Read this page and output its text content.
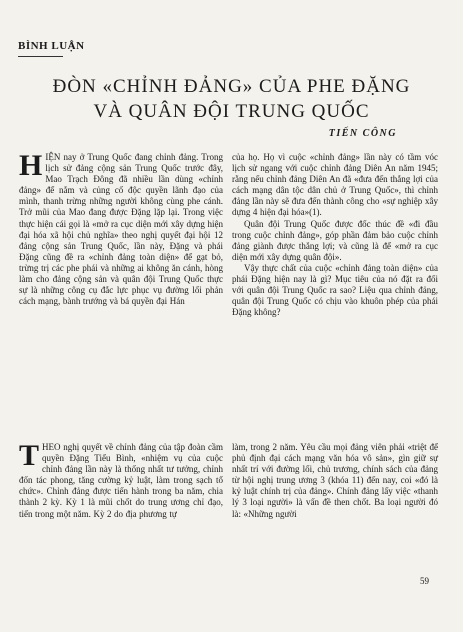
BÌNH LUẬN
ĐÒN «CHỈNH ĐẢNG» CỦA PHE ĐẶNG
VÀ QUÂN ĐỘI TRUNG QUỐC
TIẾN CÔNG

HIỆN nay ở Trung Quốc đang chỉnh đảng. Trong lịch sử đảng cộng sản Trung Quốc trước đây, Mao Trạch Đông đã nhiều lần dùng «chỉnh đảng» để nắm và củng cố độc quyền lãnh đạo của mình, thanh trừng những người không cùng phe cánh. Trở mũi của Mao đang được Đặng lặp lại. Trong việc thực hiện cái gọi là «mở ra cục diện mới xây dựng hiện đại hóa xã hội chủ nghĩa» theo nghị quyết đại hội 12 đảng cộng sản Trung Quốc, lần này, Đặng và phái Đặng cũng đề ra «chỉnh đảng toàn diện» để gạt bỏ, trừng trị các phe phái và những ai không ăn cánh, hòng làm cho đảng cộng sản và quân đội Trung Quốc thực sự là những công cụ đắc lực phục vụ đường lối phản cách mạng, bành trướng và bá quyền đại Hán

của họ. Họ vì cuộc «chỉnh đảng» lần này có tầm vóc lịch sử ngang với cuộc chỉnh đảng Diên An năm 1945; rằng nếu chỉnh đảng Diên An đã «đưa đến thắng lợi của cách mạng dân tộc dân chủ ở Trung Quốc», thì chỉnh đảng lần này sẽ đưa đến thành công cho «sự nghiệp xây dựng 4 hiện đại hóa»(1).

Quân đội Trung Quốc được đốc thúc đề «đi đầu trong cuộc chỉnh đảng», góp phần đảm bảo cuộc chỉnh đảng giành được thắng lợi; và cũng là để «mở ra cục diện mới xây dựng quân đội».

Vậy thực chất của cuộc «chỉnh đảng toàn diện» của phái Đặng hiện nay là gì? Mục tiêu của nó đặt ra đối với quân đội Trung Quốc ra sao? Liệu qua chỉnh đảng, quân đội Trung Quốc có chịu vào khuôn phép của phái Đặng không?

THEO nghị quyết về chỉnh đảng của tập đoàn cầm quyền Đặng Tiểu Bình, «nhiệm vụ của cuộc chỉnh đảng lần này là thống nhất tư tưởng, chỉnh đốn tác phong, tăng cường kỷ luật, làm trong sạch tổ chức». Chỉnh đảng được tiến hành trong ba năm, chia thành 2 kỳ. Kỳ 1 là mũi chốt do trung ương chỉ đạo, tiến trong một năm. Kỳ 2 do địa phương tự

làm, trong 2 năm. Yêu cầu mọi đảng viên phải «triệt để phủ định đại cách mạng văn hóa vô sản», gìn giữ sự nhất trí với đường lối, chủ trương, chính sách của đảng từ hội nghị trung ương 3 (khóa 11) đến nay, coi «đó là kỷ luật chính trị của đảng». Chính đảng lấy việc «thanh lý 3 loại người» là vấn đề then chốt. Ba loại người đó là: «Những người

59
